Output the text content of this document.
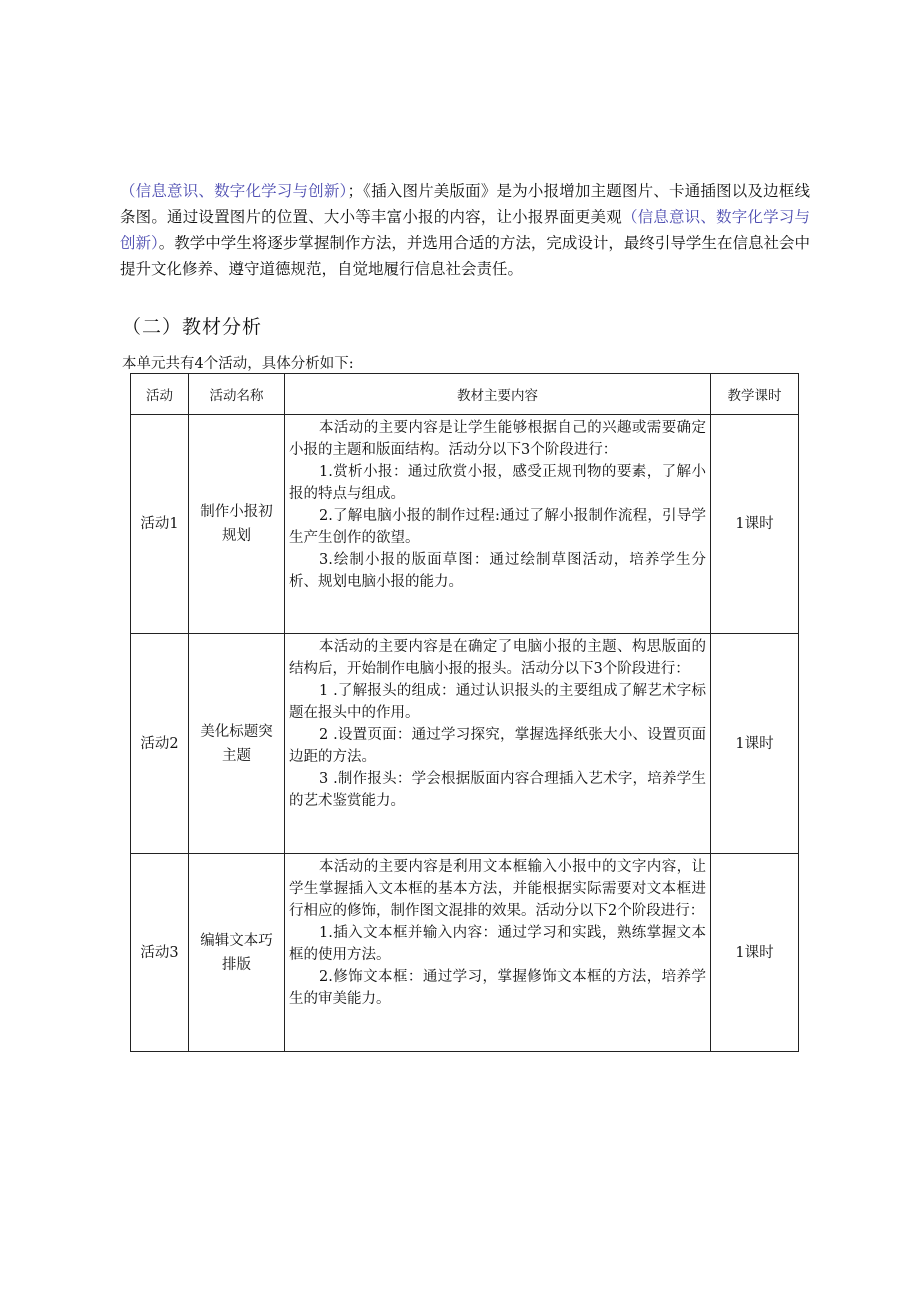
（信息意识、数字化学习与创新）；《插入图片美版面》是为小报增加主题图片、卡通插图以及边框线条图。通过设置图片的位置、大小等丰富小报的内容，让小报界面更美观（信息意识、数字化学习与创新）。教学中学生将逐步掌握制作方法，并选用合适的方法，完成设计，最终引导学生在信息社会中提升文化修养、遵守道德规范，自觉地履行信息社会责任。
（二）教材分析
本单元共有4个活动，具体分析如下:
活动	活动名称	教材主要内容	教学课时
活动1	制作小报初规划	本活动的主要内容是让学生能够根据自己的兴趣或需要确定小报的主题和版面结构。活动分以下3个阶段进行：
1.赏析小报：通过欣赏小报，感受正规刊物的要素，了解小报的特点与组成。
2.了解电脑小报的制作过程:通过了解小报制作流程，引导学生产生创作的欲望。
3.绘制小报的版面草图：通过绘制草图活动，培养学生分析、规划电脑小报的能力。	1课时
活动2	美化标题突主题	本活动的主要内容是在确定了电脑小报的主题、构思版面的结构后，开始制作电脑小报的报头。活动分以下3个阶段进行：
1 .了解报头的组成：通过认识报头的主要组成了解艺术字标题在报头中的作用。
2 .设置页面：通过学习探究，掌握选择纸张大小、设置页面边距的方法。
3 .制作报头：学会根据版面内容合理插入艺术字，培养学生的艺术鉴赏能力。	1课时
活动3	编辑文本巧排版	本活动的主要内容是利用文本框输入小报中的文字内容，让学生掌握插入文本框的基本方法，并能根据实际需要对文本框进行相应的修饰，制作图文混排的效果。活动分以下2个阶段进行：
1.插入文本框并输入内容：通过学习和实践，熟练掌握文本框的使用方法。
2.修饰文本框：通过学习，掌握修饰文本框的方法，培养学生的审美能力。	1课时
